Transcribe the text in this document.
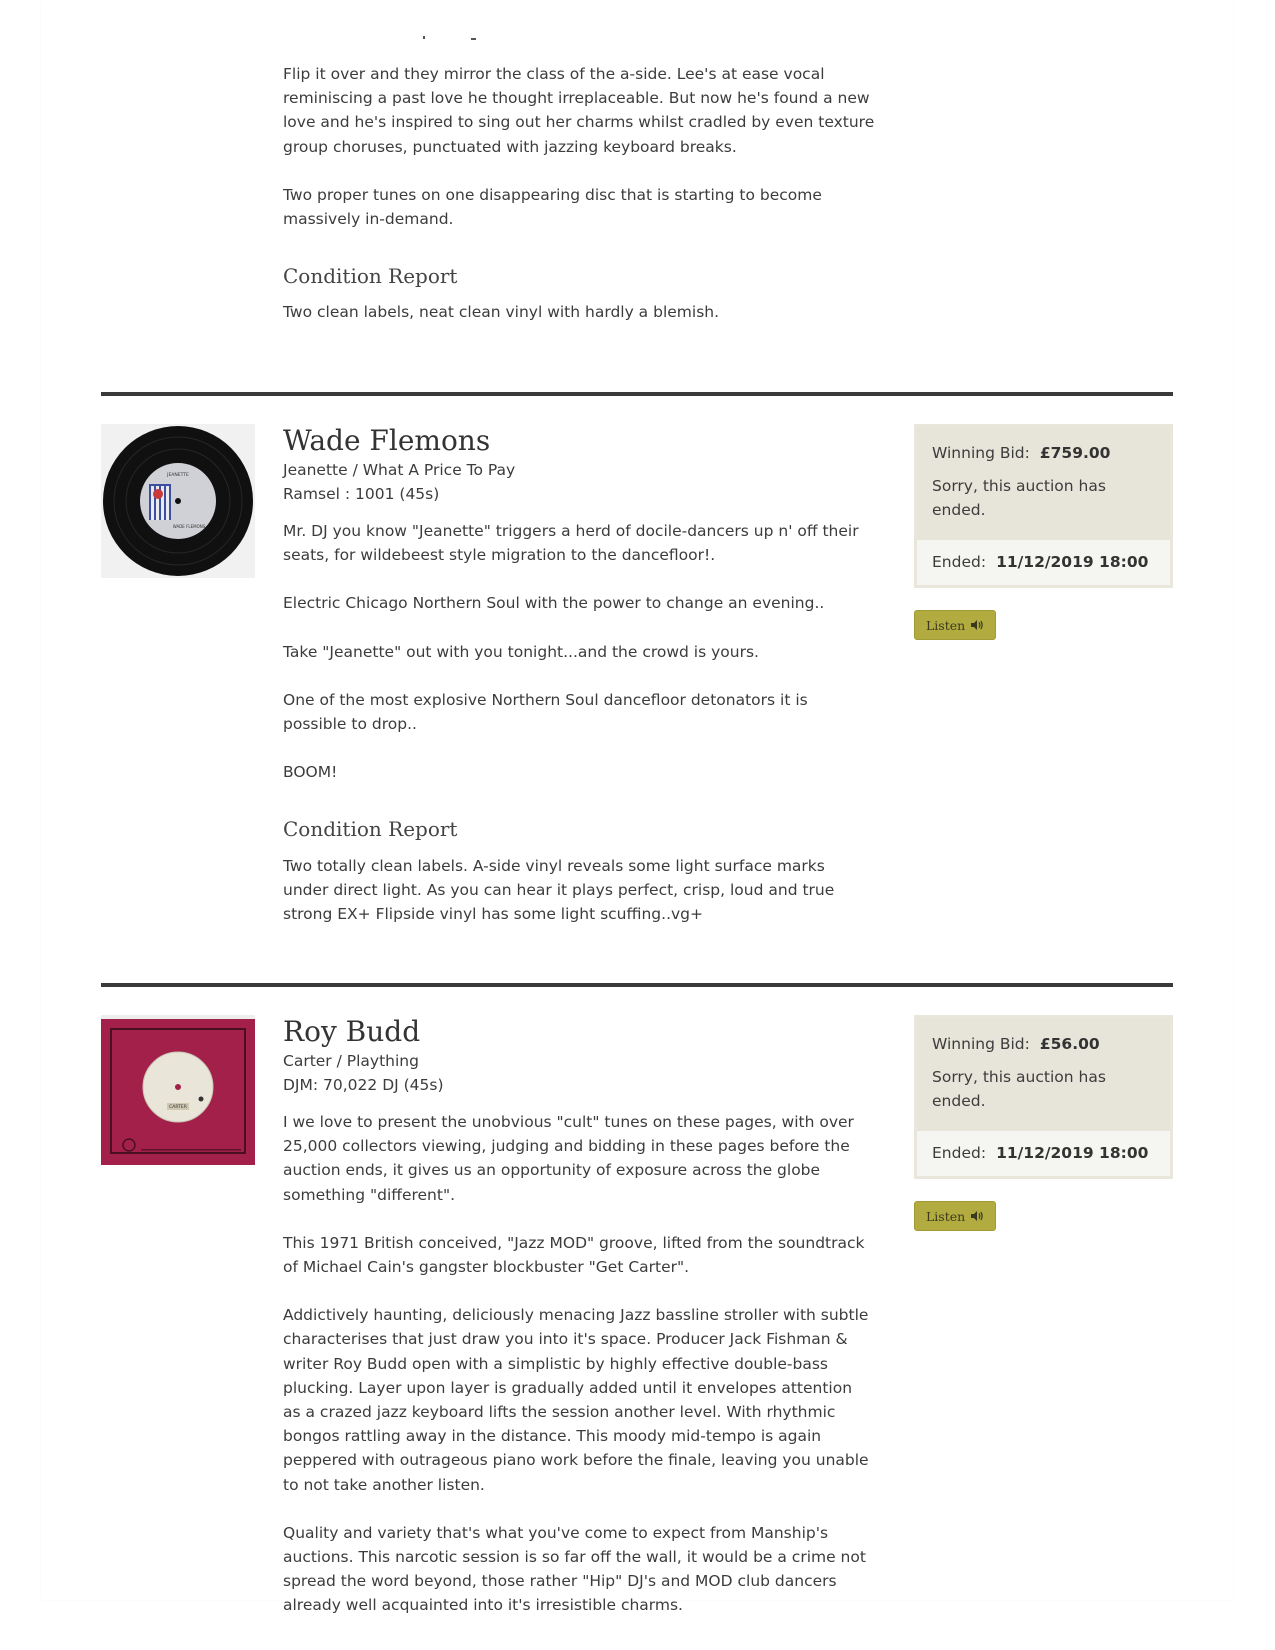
Flip it over and they mirror the class of the a-side. Lee's at ease vocal reminiscing a past love he thought irreplaceable. But now he's found a new love and he's inspired to sing out her charms whilst cradled by even texture group choruses, punctuated with jazzing keyboard breaks.

Two proper tunes on one disappearing disc that is starting to become massively in-demand.

Condition Report

Two clean labels, neat clean vinyl with hardly a blemish.

JEANETTE
WADE FLEMONS
Wade Flemons
Jeanette / What A Price To Pay
Ramsel : 1001 (45s)

Mr. DJ you know "Jeanette" triggers a herd of docile-dancers up n' off their seats, for wildebeest style migration to the dancefloor!.

Electric Chicago Northern Soul with the power to change an evening..

Take "Jeanette" out with you tonight...and the crowd is yours.

One of the most explosive Northern Soul dancefloor detonators it is possible to drop..

BOOM!

Condition Report

Two totally clean labels. A-side vinyl reveals some light surface marks under direct light. As you can hear it plays perfect, crisp, loud and true strong EX+ Flipside vinyl has some light scuffing..vg+

Winning Bid: £759.00
Sorry, this auction has ended.
Ended: 11/12/2019 18:00
Listen
CARTER
Roy Budd
Carter / Plaything
DJM: 70,022 DJ (45s)

I we love to present the unobvious "cult" tunes on these pages, with over 25,000 collectors viewing, judging and bidding in these pages before the auction ends, it gives us an opportunity of exposure across the globe something "different".

This 1971 British conceived, "Jazz MOD" groove, lifted from the soundtrack of Michael Cain's gangster blockbuster "Get Carter".

Addictively haunting, deliciously menacing Jazz bassline stroller with subtle characterises that just draw you into it's space. Producer Jack Fishman & writer Roy Budd open with a simplistic by highly effective double-bass plucking. Layer upon layer is gradually added until it envelopes attention as a crazed jazz keyboard lifts the session another level. With rhythmic bongos rattling away in the distance. This moody mid-tempo is again peppered with outrageous piano work before the finale, leaving you unable to not take another listen.

Quality and variety that's what you've come to expect from Manship's auctions. This narcotic session is so far off the wall, it would be a crime not spread the word beyond, those rather "Hip" DJ's and MOD club dancers already well acquainted into it's irresistible charms.

Winning Bid: £56.00
Sorry, this auction has ended.
Ended: 11/12/2019 18:00
Listen
